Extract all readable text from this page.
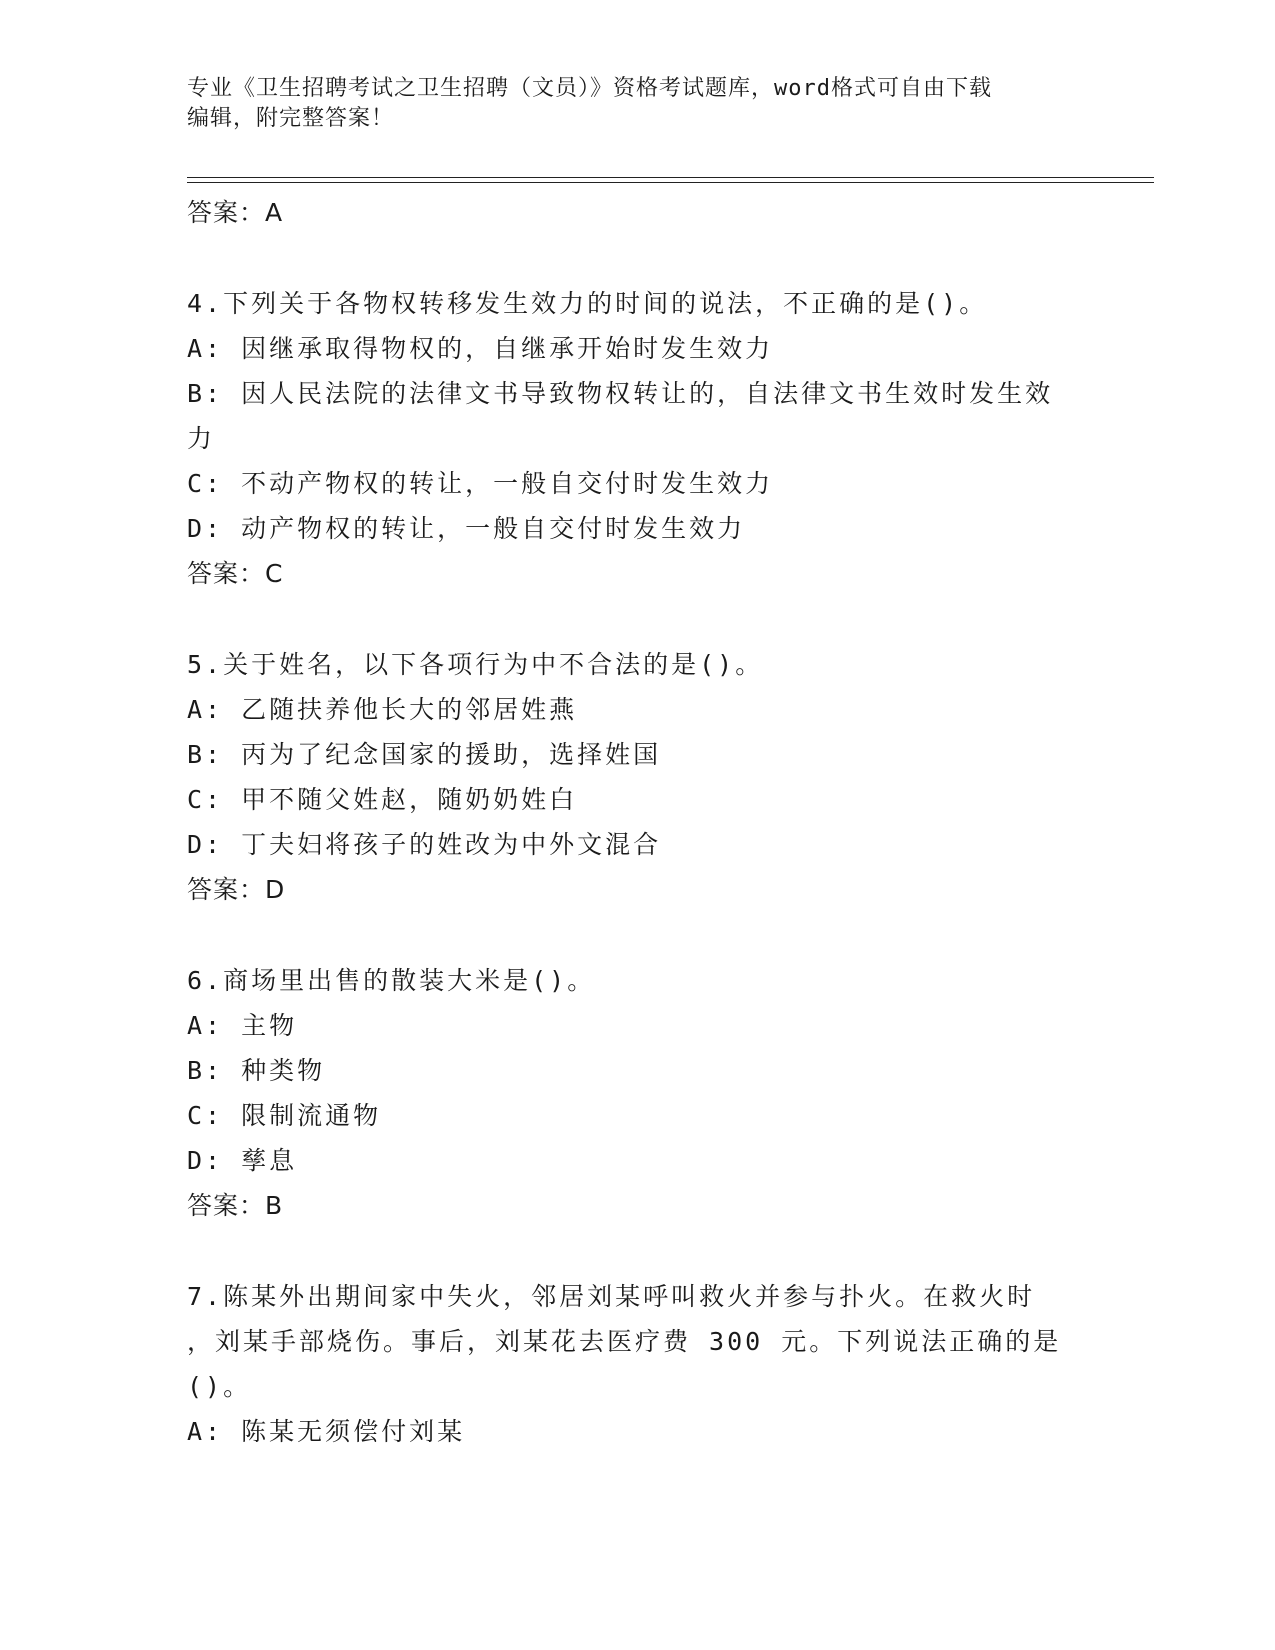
专业《卫生招聘考试之卫生招聘（文员）》资格考试题库，word格式可自由下载
编辑，附完整答案！
答案：A
4.下列关于各物权转移发生效力的时间的说法，不正确的是()。
A: 因继承取得物权的，自继承开始时发生效力
B: 因人民法院的法律文书导致物权转让的，自法律文书生效时发生效
力
C: 不动产物权的转让，一般自交付时发生效力
D: 动产物权的转让，一般自交付时发生效力
答案：C
5.关于姓名，以下各项行为中不合法的是()。
A: 乙随扶养他长大的邻居姓燕
B: 丙为了纪念国家的援助，选择姓国
C: 甲不随父姓赵，随奶奶姓白
D: 丁夫妇将孩子的姓改为中外文混合
答案：D
6.商场里出售的散装大米是()。
A: 主物
B: 种类物
C: 限制流通物
D: 孳息
答案：B
7.陈某外出期间家中失火，邻居刘某呼叫救火并参与扑火。在救火时
，刘某手部烧伤。事后，刘某花去医疗费 300 元。下列说法正确的是
()。
A: 陈某无须偿付刘某
